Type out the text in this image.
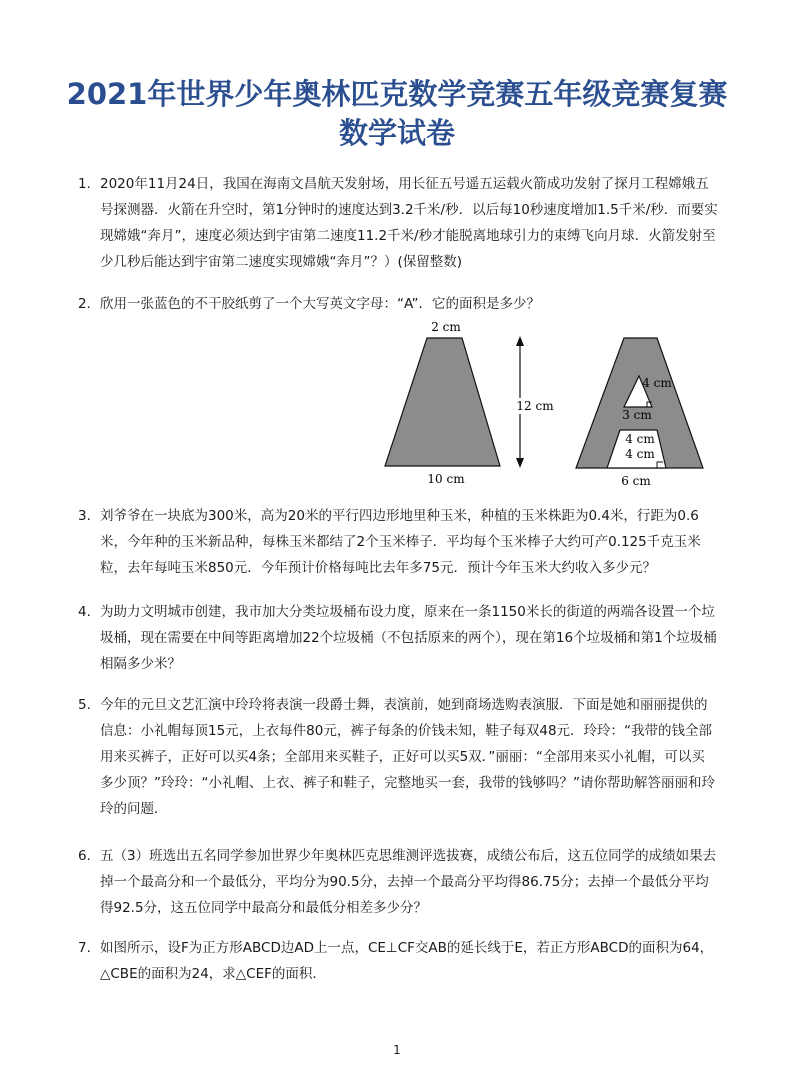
2021年世界少年奥林匹克数学竞赛五年级竞赛复赛
数学试卷
1. 2020年11月24日，我国在海南文昌航天发射场，用长征五号遥五运载火箭成功发射了探月工程嫦娥五号探测器．火箭在升空时，第1分钟时的速度达到3.2千米/秒．以后每10秒速度增加1.5千米/秒．而要实现嫦娥“奔月”，速度必须达到宇宙第二速度11.2千米/秒才能脱离地球引力的束缚飞向月球．火箭发射至少几秒后能达到宇宙第二速度实现嫦娥“奔月”？）(保留整数)
2. 欣用一张蓝色的不干胶纸剪了一个大写英文字母：“A”．它的面积是多少？
2 cm
10 cm
12 cm
4 cm
3 cm
4 cm
4 cm
6 cm
3. 刘爷爷在一块底为300米，高为20米的平行四边形地里种玉米，种植的玉米株距为0.4米，行距为0.6米，今年种的玉米新品种，每株玉米都结了2个玉米棒子．平均每个玉米棒子大约可产0.125千克玉米粒，去年每吨玉米850元．今年预计价格每吨比去年多75元．预计今年玉米大约收入多少元？
4. 为助力文明城市创建，我市加大分类垃圾桶布设力度，原来在一条1150米长的街道的两端各设置一个垃圾桶，现在需要在中间等距离增加22个垃圾桶（不包括原来的两个），现在第16个垃圾桶和第1个垃圾桶相隔多少米？
5. 今年的元旦文艺汇演中玲玲将表演一段爵士舞，表演前，她到商场选购表演服．下面是她和丽丽提供的信息：小礼帽每顶15元，上衣每件80元，裤子每条的价钱未知，鞋子每双48元．玲玲：“我带的钱全部用来买裤子，正好可以买4条；全部用来买鞋子，正好可以买5双．”丽丽：“全部用来买小礼帽，可以买多少顶？”玲玲：“小礼帽、上衣、裤子和鞋子，完整地买一套，我带的钱够吗？”请你帮助解答丽丽和玲玲的问题．
6. 五（3）班选出五名同学参加世界少年奥林匹克思维测评选拔赛，成绩公布后，这五位同学的成绩如果去掉一个最高分和一个最低分，平均分为90.5分，去掉一个最高分平均得86.75分；去掉一个最低分平均得92.5分，这五位同学中最高分和最低分相差多少分？
7. 如图所示，设F为正方形ABCD边AD上一点，CE⊥CF交AB的延长线于E，若正方形ABCD的面积为64，△CBE的面积为24，求△CEF的面积．
1
